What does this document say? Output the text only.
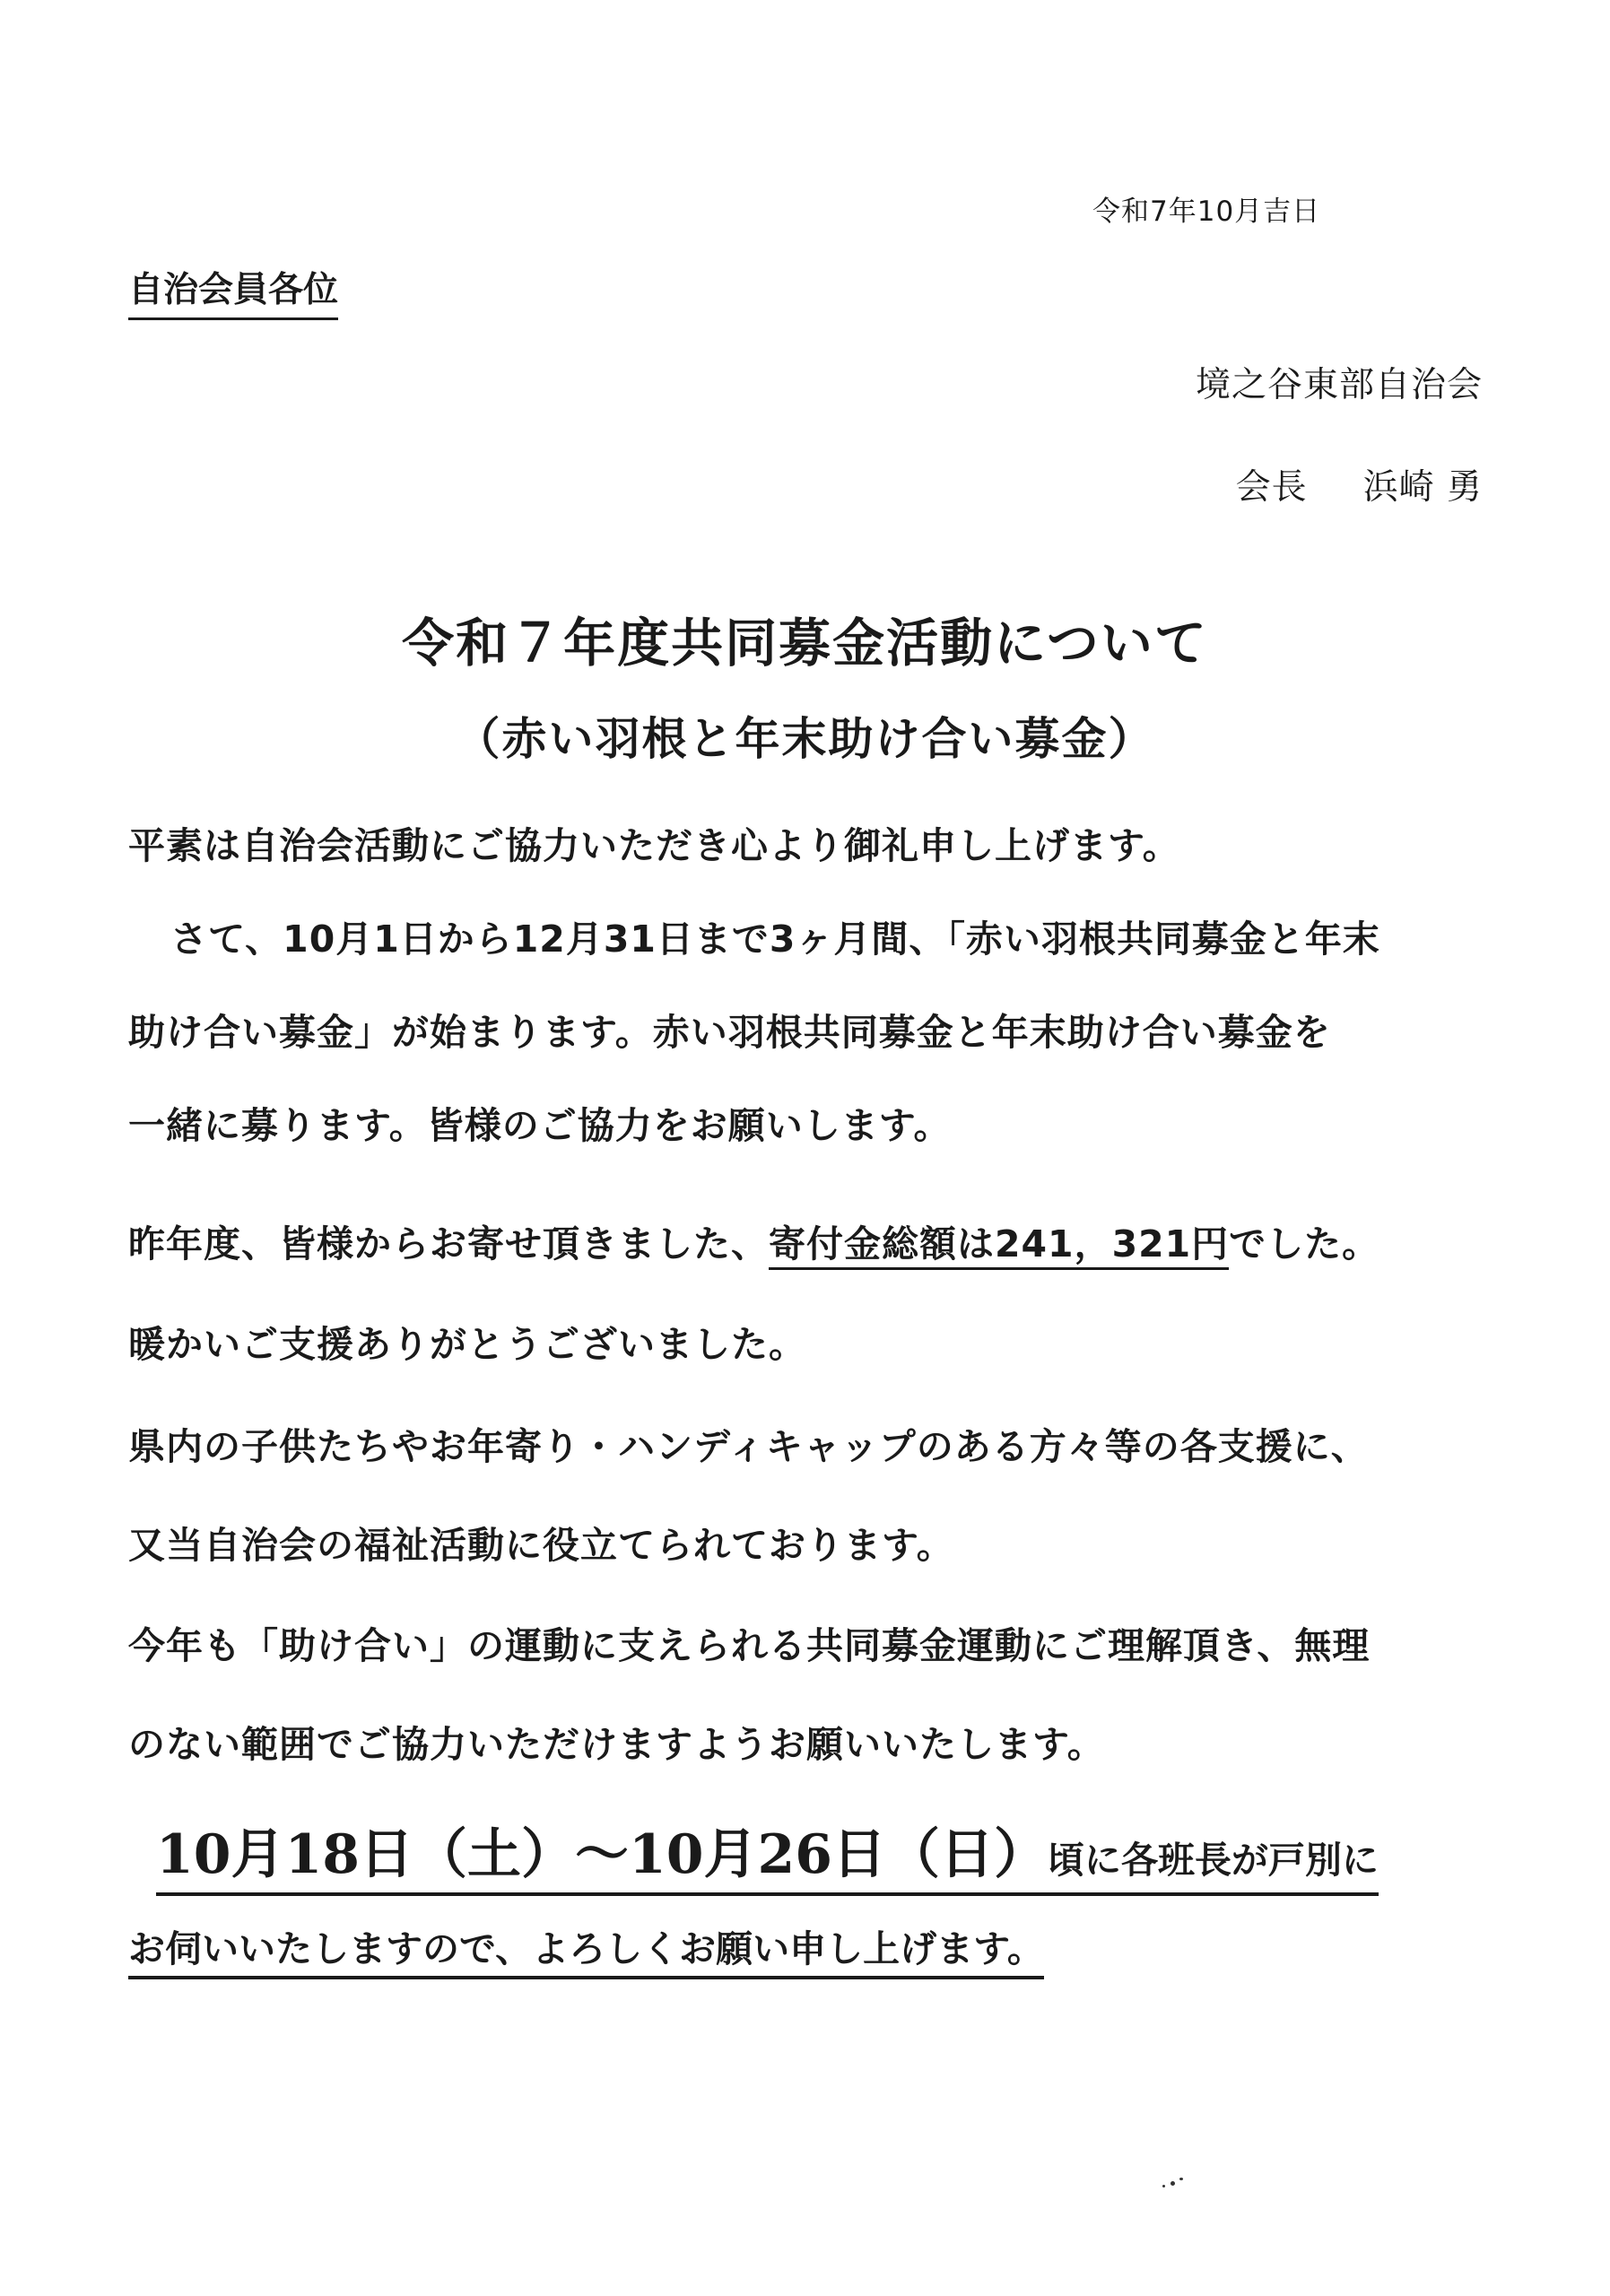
令和7年10月吉日
自治会員各位
境之谷東部自治会
会長 浜崎 勇
令和７年度共同募金活動について
（赤い羽根と年末助け合い募金）
平素は自治会活動にご協力いただき心より御礼申し上げます。
さて、10月1日から12月31日まで3ヶ月間、「赤い羽根共同募金と年末
助け合い募金」が始まります。赤い羽根共同募金と年末助け合い募金を
一緒に募ります。皆様のご協力をお願いします。
昨年度、皆様からお寄せ頂きました、寄付金総額は241，321円でした。
暖かいご支援ありがとうございました。
県内の子供たちやお年寄り・ハンディキャップのある方々等の各支援に、
又当自治会の福祉活動に役立てられております。
今年も「助け合い」の運動に支えられる共同募金運動にご理解頂き、無理
のない範囲でご協力いただけますようお願いいたします。
10月18日（土）～10月26日（日）頃に各班長が戸別に
お伺いいたしますので、よろしくお願い申し上げます。
